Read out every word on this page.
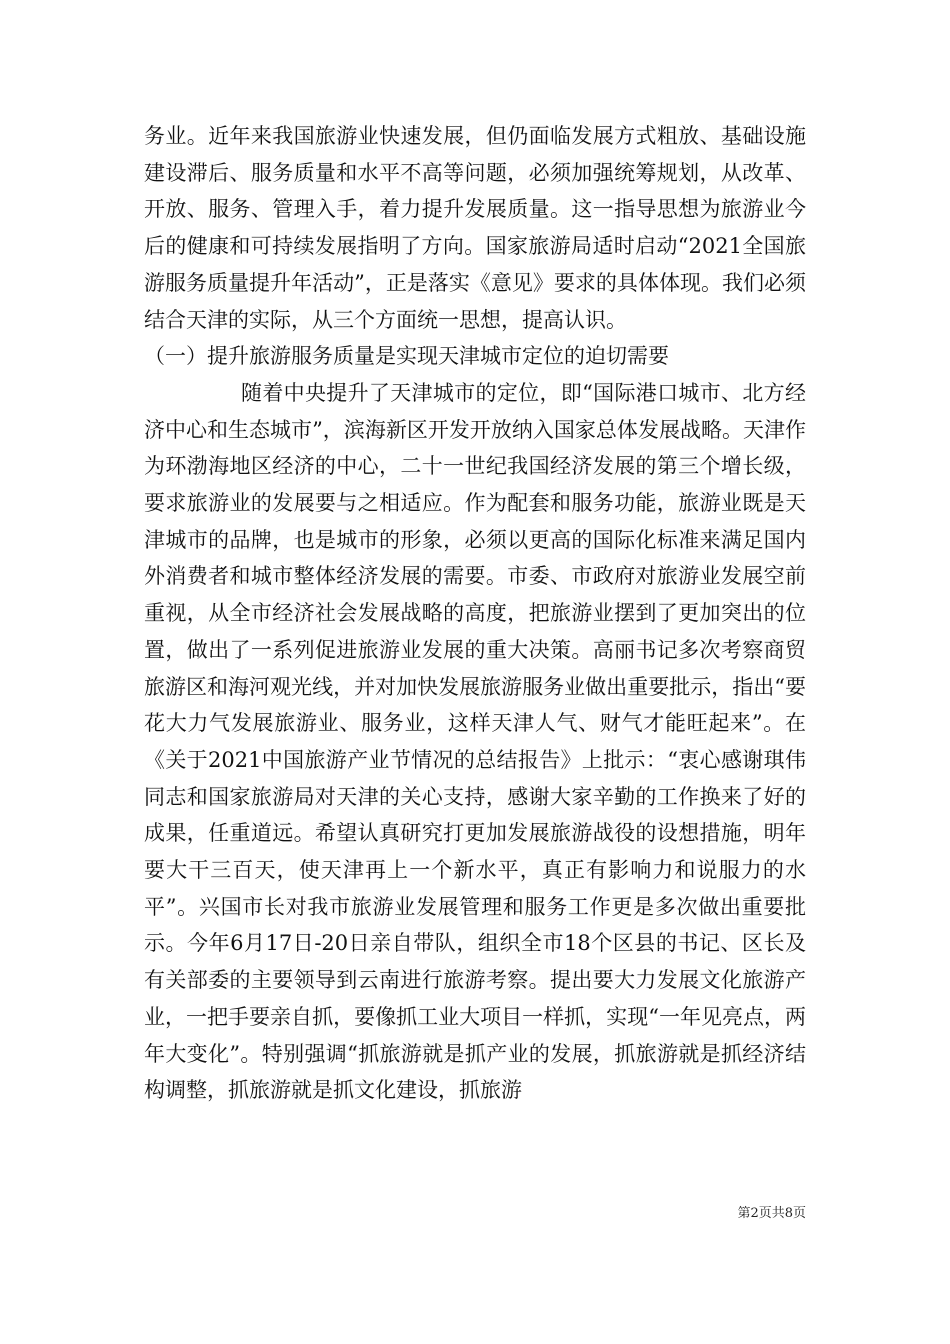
务业。近年来我国旅游业快速发展，但仍面临发展方式粗放、基础设施建设滞后、服务质量和水平不高等问题，必须加强统筹规划，从改革、开放、服务、管理入手，着力提升发展质量。这一指导思想为旅游业今后的健康和可持续发展指明了方向。国家旅游局适时启动“2021全国旅游服务质量提升年活动”，正是落实《意见》要求的具体体现。我们必须结合天津的实际，从三个方面统一思想，提高认识。

（一）提升旅游服务质量是实现天津城市定位的迫切需要

随着中央提升了天津城市的定位，即“国际港口城市、北方经济中心和生态城市”，滨海新区开发开放纳入国家总体发展战略。天津作为环渤海地区经济的中心，二十一世纪我国经济发展的第三个增长级，要求旅游业的发展要与之相适应。作为配套和服务功能，旅游业既是天津城市的品牌，也是城市的形象，必须以更高的国际化标准来满足国内外消费者和城市整体经济发展的需要。市委、市政府对旅游业发展空前重视，从全市经济社会发展战略的高度，把旅游业摆到了更加突出的位置，做出了一系列促进旅游业发展的重大决策。高丽书记多次考察商贸旅游区和海河观光线，并对加快发展旅游服务业做出重要批示，指出“要花大力气发展旅游业、服务业，这样天津人气、财气才能旺起来”。在《关于2021中国旅游产业节情况的总结报告》上批示：“衷心感谢琪伟同志和国家旅游局对天津的关心支持，感谢大家辛勤的工作换来了好的成果，任重道远。希望认真研究打更加发展旅游战役的设想措施，明年要大干三百天，使天津再上一个新水平，真正有影响力和说服力的水平”。兴国市长对我市旅游业发展管理和服务工作更是多次做出重要批示。今年6月17日-20日亲自带队，组织全市18个区县的书记、区长及有关部委的主要领导到云南进行旅游考察。提出要大力发展文化旅游产业，一把手要亲自抓，要像抓工业大项目一样抓，实现“一年见亮点，两年大变化”。特别强调“抓旅游就是抓产业的发展，抓旅游就是抓经济结构调整，抓旅游就是抓文化建设，抓旅游

第2页共8页
